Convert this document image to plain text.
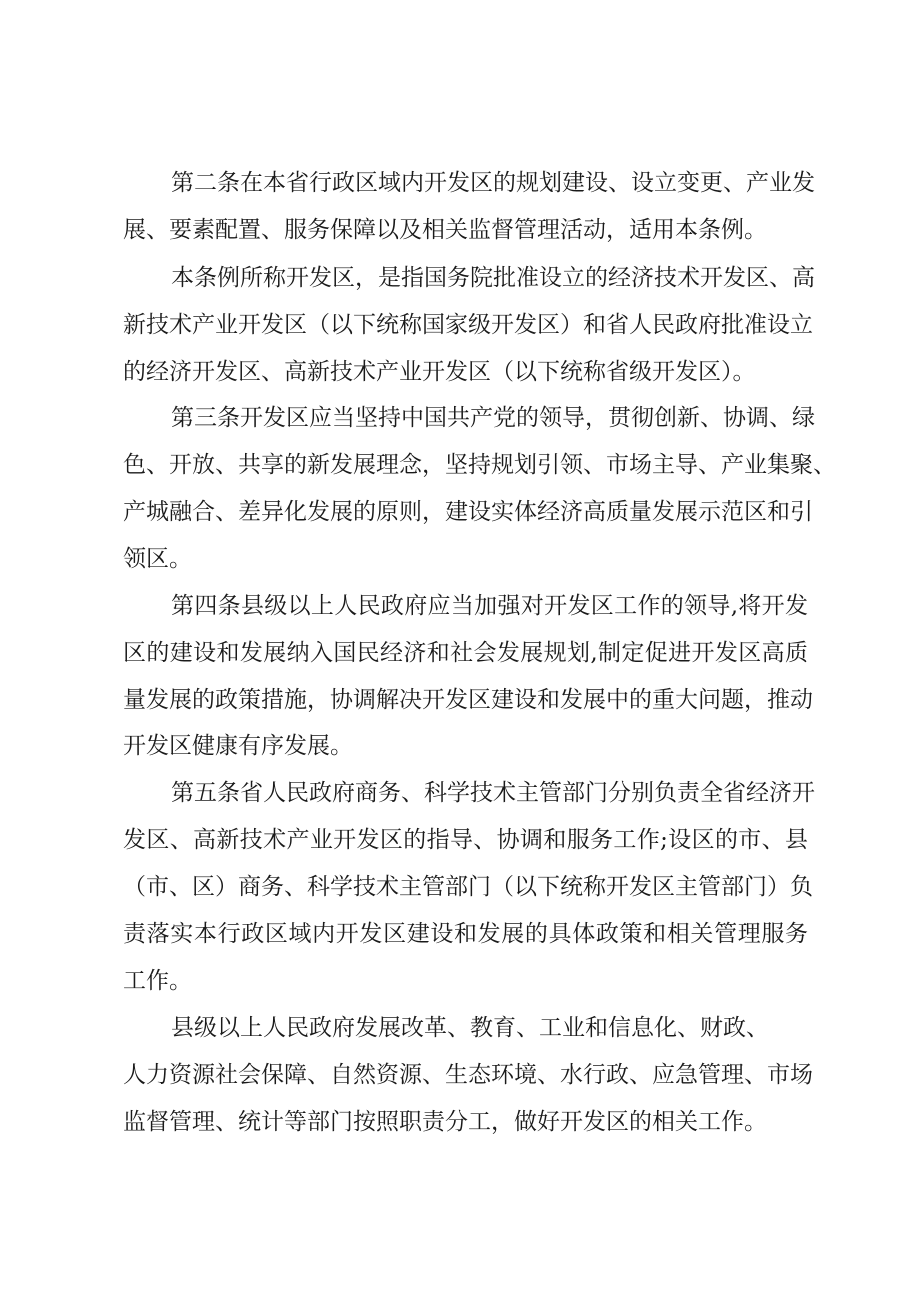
第二条在本省行政区域内开发区的规划建设、设立变更、产业发
展、要素配置、服务保障以及相关监督管理活动，适用本条例。
本条例所称开发区，是指国务院批准设立的经济技术开发区、高
新技术产业开发区（以下统称国家级开发区）和省人民政府批准设立
的经济开发区、高新技术产业开发区（以下统称省级开发区）。
第三条开发区应当坚持中国共产党的领导，贯彻创新、协调、绿
色、开放、共享的新发展理念，坚持规划引领、市场主导、产业集聚、
产城融合、差异化发展的原则，建设实体经济高质量发展示范区和引
领区。
第四条县级以上人民政府应当加强对开发区工作的领导,将开发
区的建设和发展纳入国民经济和社会发展规划,制定促进开发区高质
量发展的政策措施，协调解决开发区建设和发展中的重大问题，推动
开发区健康有序发展。
第五条省人民政府商务、科学技术主管部门分别负责全省经济开
发区、高新技术产业开发区的指导、协调和服务工作;设区的市、县
（市、区）商务、科学技术主管部门（以下统称开发区主管部门）负
责落实本行政区域内开发区建设和发展的具体政策和相关管理服务
工作。
县级以上人民政府发展改革、教育、工业和信息化、财政、
人力资源社会保障、自然资源、生态环境、水行政、应急管理、市场
监督管理、统计等部门按照职责分工，做好开发区的相关工作。
